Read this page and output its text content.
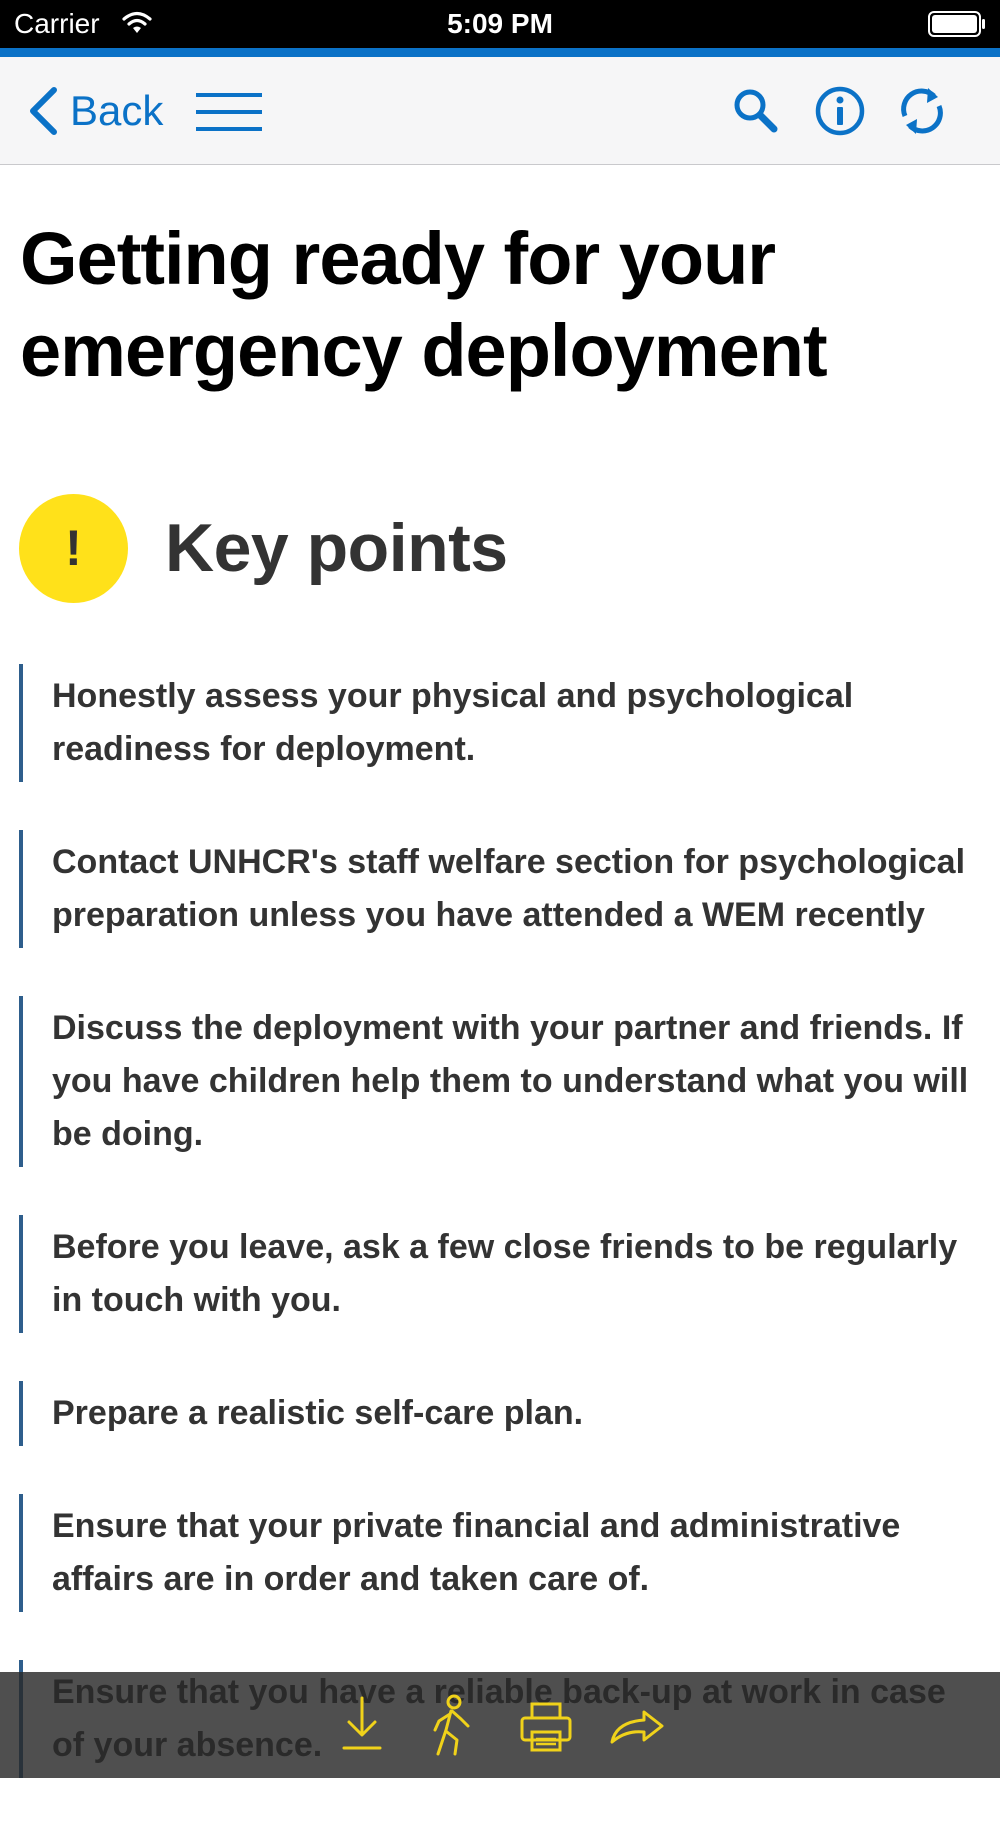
Carrier	5:09 PM
Back
Getting ready for your emergency deployment
!	Key points
Honestly assess your physical and psychological readiness for deployment.
Contact UNHCR's staff welfare section for psychological preparation unless you have attended a WEM recently
Discuss the deployment with your partner and friends. If you have children help them to understand what you will be doing.
Before you leave, ask a few close friends to be regularly in touch with you.
Prepare a realistic self-care plan.
Ensure that your private financial and administrative affairs are in order and taken care of.
